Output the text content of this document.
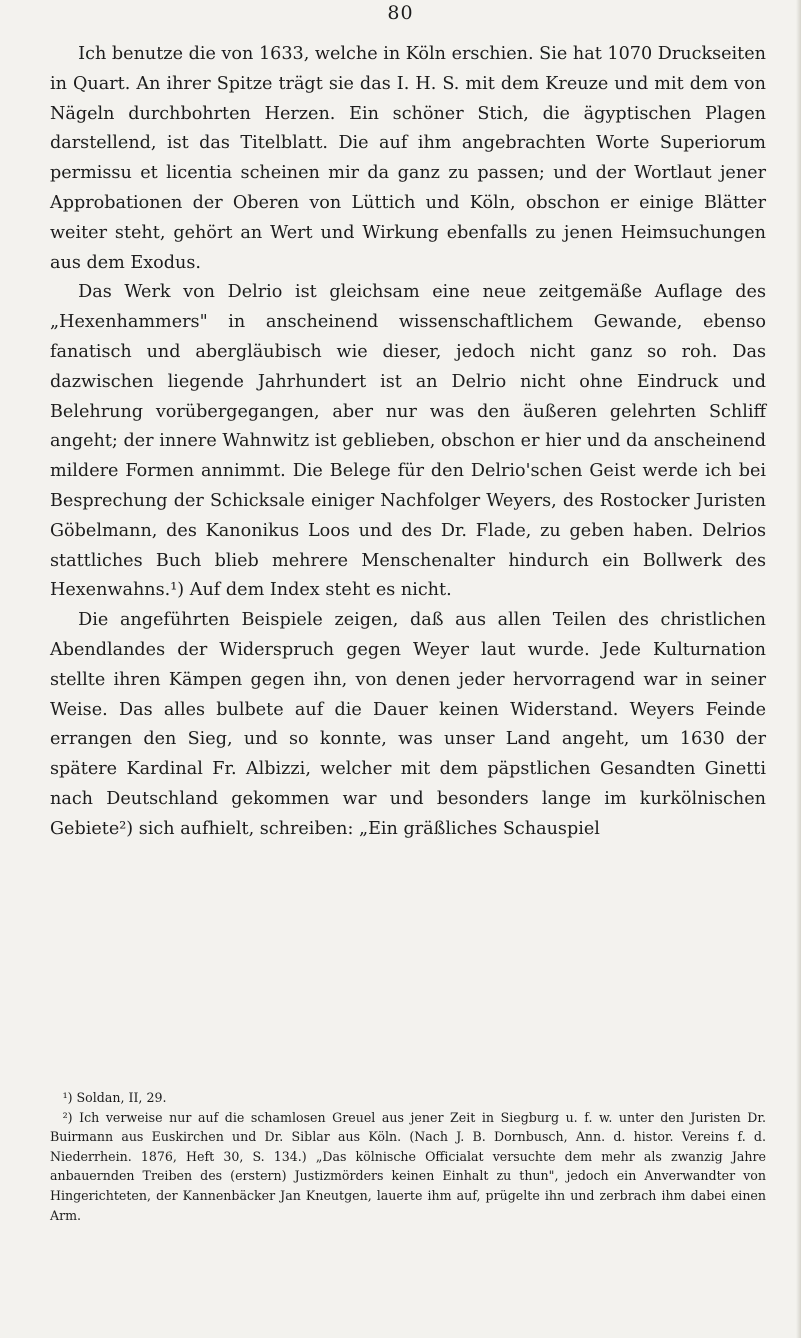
80

Ich benutze die von 1633, welche in Köln erschien. Sie hat 1070 Druckseiten in Quart. An ihrer Spitze trägt sie das I. H. S. mit dem Kreuze und mit dem von Nägeln durchbohrten Herzen. Ein schöner Stich, die ägyptischen Plagen darstellend, ist das Titelblatt. Die auf ihm angebrachten Worte Superiorum permissu et licentia scheinen mir da ganz zu passen; und der Wortlaut jener Approbationen der Oberen von Lüttich und Köln, obschon er einige Blätter weiter steht, gehört an Wert und Wirkung ebenfalls zu jenen Heimsuchungen aus dem Exodus.

Das Werk von Delrio ist gleichsam eine neue zeitgemäße Auflage des „Hexenhammers" in anscheinend wissenschaftlichem Gewande, ebenso fanatisch und abergläubisch wie dieser, jedoch nicht ganz so roh. Das dazwischen liegende Jahrhundert ist an Delrio nicht ohne Eindruck und Belehrung vorübergegangen, aber nur was den äußeren gelehrten Schliff angeht; der innere Wahnwitz ist geblieben, obschon er hier und da anscheinend mildere Formen annimmt. Die Belege für den Delrio'schen Geist werde ich bei Besprechung der Schicksale einiger Nachfolger Weyers, des Rostocker Juristen Göbelmann, des Kanonikus Loos und des Dr. Flade, zu geben haben. Delrios stattliches Buch blieb mehrere Menschenalter hindurch ein Bollwerk des Hexenwahns.¹) Auf dem Index steht es nicht.

Die angeführten Beispiele zeigen, daß aus allen Teilen des christlichen Abendlandes der Widerspruch gegen Weyer laut wurde. Jede Kulturnation stellte ihren Kämpen gegen ihn, von denen jeder hervorragend war in seiner Weise. Das alles bulbete auf die Dauer keinen Widerstand. Weyers Feinde errangen den Sieg, und so konnte, was unser Land angeht, um 1630 der spätere Kardinal Fr. Albizzi, welcher mit dem päpstlichen Gesandten Ginetti nach Deutschland gekommen war und besonders lange im kurkölnischen Gebiete²) sich aufhielt, schreiben: „Ein gräßliches Schauspiel

¹) Soldan, II, 29.

²) Ich verweise nur auf die schamlosen Greuel aus jener Zeit in Siegburg u. f. w. unter den Juristen Dr. Buirmann aus Euskirchen und Dr. Siblar aus Köln. (Nach J. B. Dornbusch, Ann. d. histor. Vereins f. d. Niederrhein. 1876, Heft 30, S. 134.) „Das kölnische Officialat versuchte dem mehr als zwanzig Jahre anbauernden Treiben des (erstern) Justizmörders keinen Einhalt zu thun", jedoch ein Anverwandter von Hingerichteten, der Kannenbäcker Jan Kneutgen, lauerte ihm auf, prügelte ihn und zerbrach ihm dabei einen Arm.
